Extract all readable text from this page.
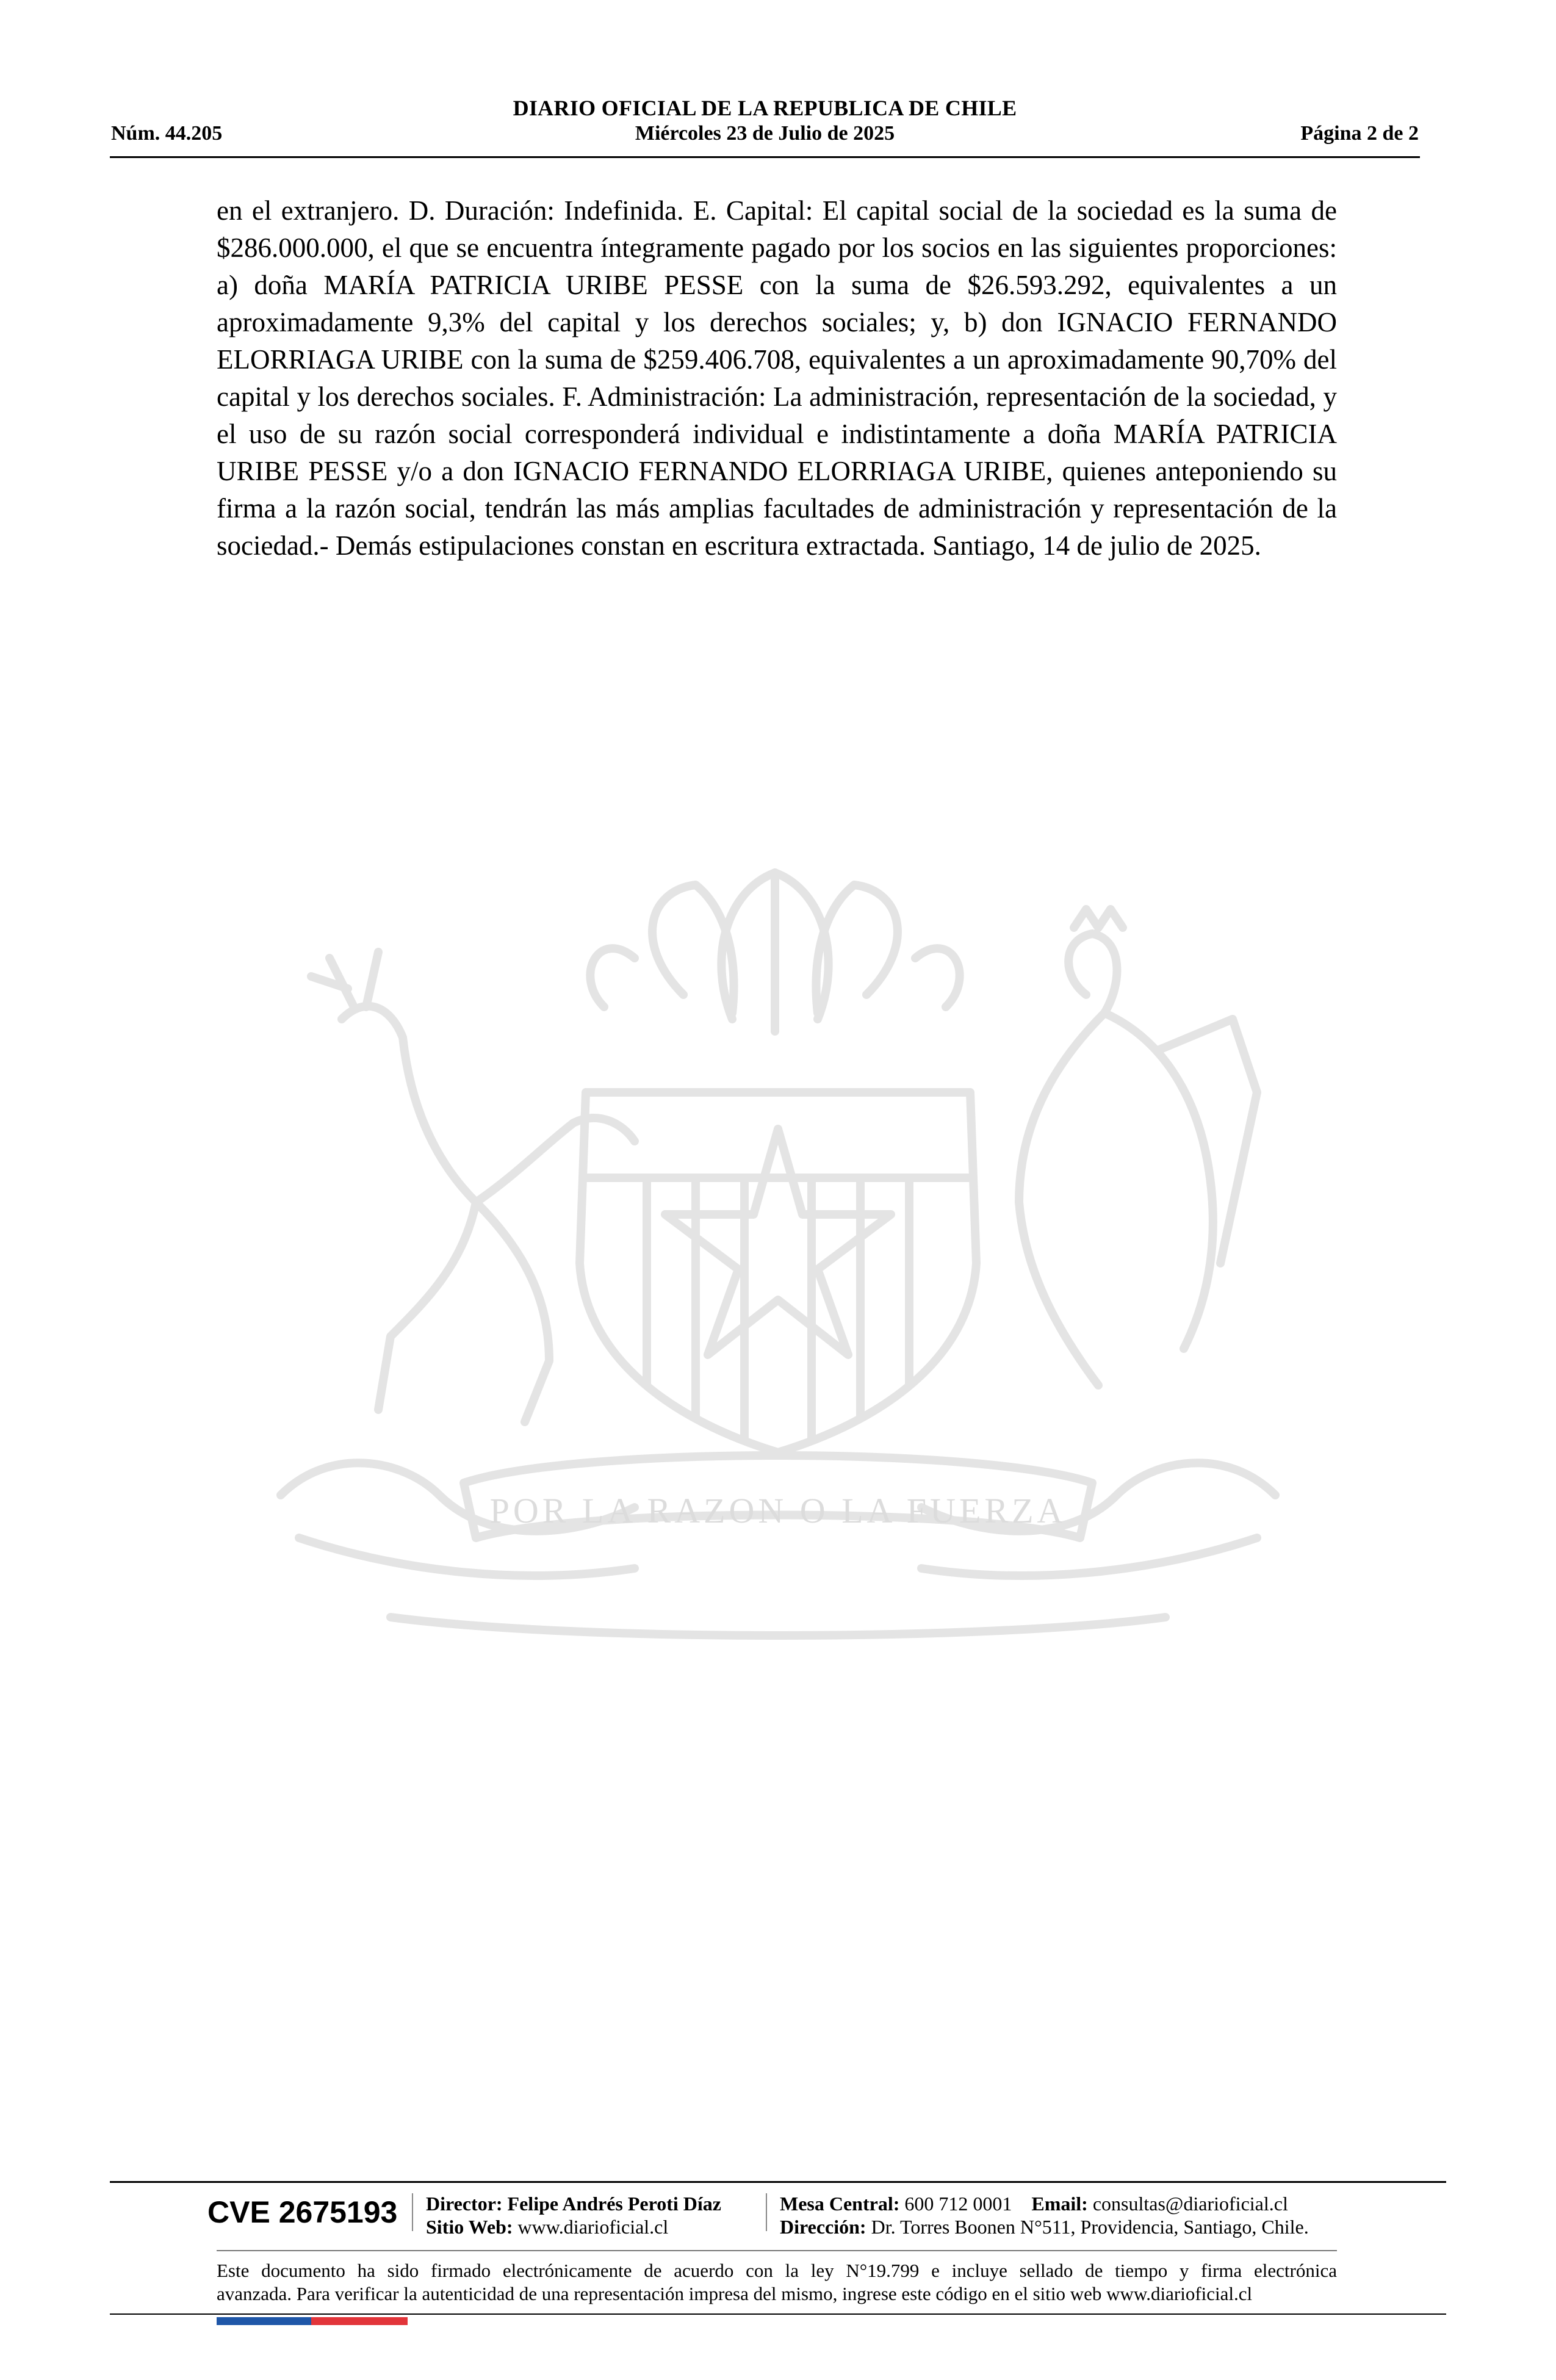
DIARIO OFICIAL DE LA REPUBLICA DE CHILE
Núm. 44.205	Miércoles 23 de Julio de 2025	Página 2 de 2
POR LA RAZON O LA FUERZA

en el extranjero. D. Duración: Indefinida. E. Capital: El capital social de la sociedad es la suma de $286.000.000, el que se encuentra íntegramente pagado por los socios en las siguientes proporciones: a) doña MARÍA PATRICIA URIBE PESSE con la suma de $26.593.292, equivalentes a un aproximadamente 9,3% del capital y los derechos sociales; y, b) don IGNACIO FERNANDO ELORRIAGA URIBE con la suma de $259.406.708, equivalentes a un aproximadamente 90,70% del capital y los derechos sociales. F. Administración: La administración, representación de la sociedad, y el uso de su razón social corresponderá individual e indistintamente a doña MARÍA PATRICIA URIBE PESSE y/o a don IGNACIO FERNANDO ELORRIAGA URIBE, quienes anteponiendo su firma a la razón social, tendrán las más amplias facultades de administración y representación de la sociedad.- Demás estipulaciones constan en escritura extractada. Santiago, 14 de julio de 2025.

CVE 2675193 Director: Felipe Andrés Peroti Díaz
Sitio Web: www.diarioficial.cl
Mesa Central: 600 712 0001 Email: consultas@diarioficial.cl
Dirección: Dr. Torres Boonen N°511, Providencia, Santiago, Chile.

Este documento ha sido firmado electrónicamente de acuerdo con la ley N°19.799 e incluye sellado de tiempo y firma electrónica

avanzada. Para verificar la autenticidad de una representación impresa del mismo, ingrese este código en el sitio web www.diarioficial.cl
